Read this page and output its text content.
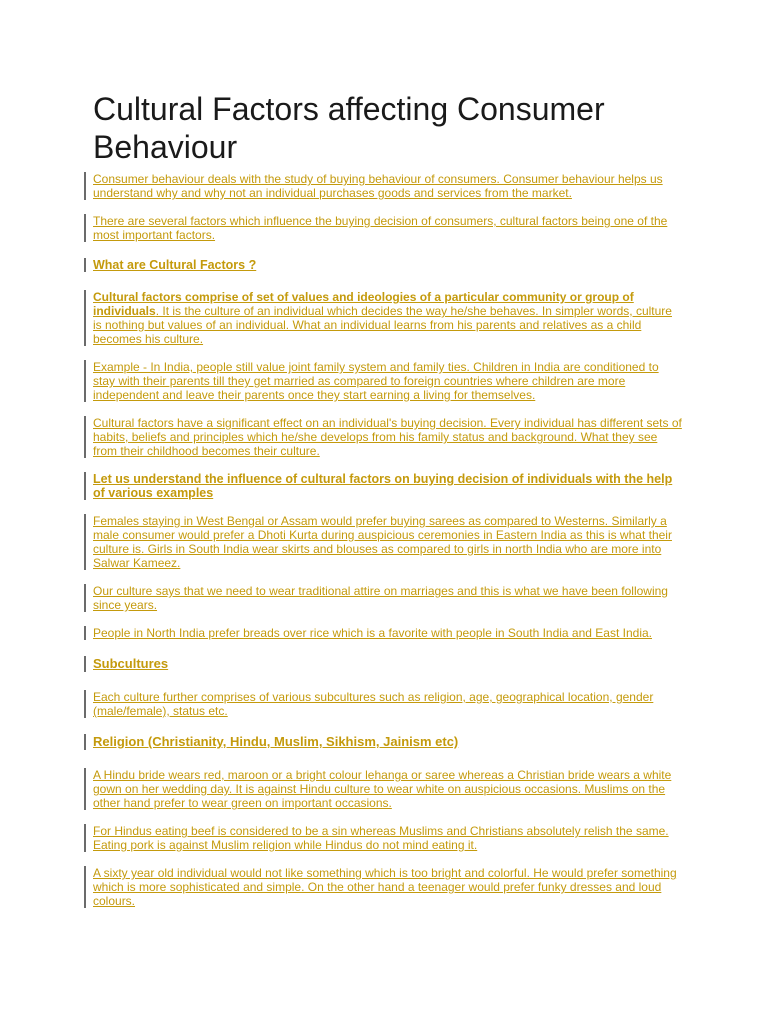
Cultural Factors affecting Consumer Behaviour

Consumer behaviour deals with the study of buying behaviour of consumers. Consumer behaviour helps us understand why and why not an individual purchases goods and services from the market.

There are several factors which influence the buying decision of consumers, cultural factors being one of the most important factors.

What are Cultural Factors ?

Cultural factors comprise of set of values and ideologies of a particular community or group of individuals. It is the culture of an individual which decides the way he/she behaves. In simpler words, culture is nothing but values of an individual. What an individual learns from his parents and relatives as a child becomes his culture.

Example - In India, people still value joint family system and family ties. Children in India are conditioned to stay with their parents till they get married as compared to foreign countries where children are more independent and leave their parents once they start earning a living for themselves.

Cultural factors have a significant effect on an individual's buying decision. Every individual has different sets of habits, beliefs and principles which he/she develops from his family status and background. What they see from their childhood becomes their culture.

Let us understand the influence of cultural factors on buying decision of individuals with the help of various examples

Females staying in West Bengal or Assam would prefer buying sarees as compared to Westerns. Similarly a male consumer would prefer a Dhoti Kurta during auspicious ceremonies in Eastern India as this is what their culture is. Girls in South India wear skirts and blouses as compared to girls in north India who are more into Salwar Kameez.

Our culture says that we need to wear traditional attire on marriages and this is what we have been following since years.

People in North India prefer breads over rice which is a favorite with people in South India and East India.

Subcultures

Each culture further comprises of various subcultures such as religion, age, geographical location, gender (male/female), status etc.

Religion (Christianity, Hindu, Muslim, Sikhism, Jainism etc)

A Hindu bride wears red, maroon or a bright colour lehanga or saree whereas a Christian bride wears a white gown on her wedding day. It is against Hindu culture to wear white on auspicious occasions. Muslims on the other hand prefer to wear green on important occasions.

For Hindus eating beef is considered to be a sin whereas Muslims and Christians absolutely relish the same. Eating pork is against Muslim religion while Hindus do not mind eating it.

A sixty year old individual would not like something which is too bright and colorful. He would prefer something which is more sophisticated and simple. On the other hand a teenager would prefer funky dresses and loud colours.
